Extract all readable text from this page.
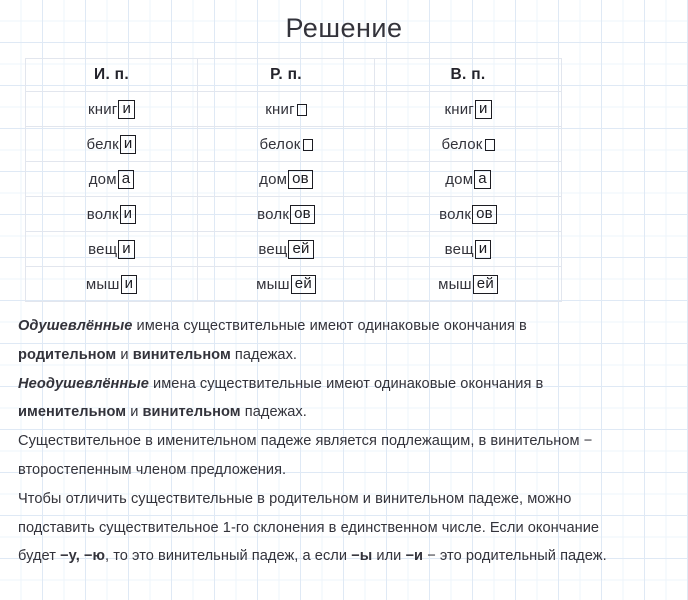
Решение
И. п.	Р. п.	В. п.

книг и	книг	книг и

белк и	белок	белок

дом а	дом ов	дом а

волк и	волк ов	волк ов

вещ и	вещ ей	вещ и

мыш и	мыш ей	мыш ей
Одушевлённые имена существительные имеют одинаковые окончания в
родительном и винительном падежах.
Неодушевлённые имена существительные имеют одинаковые окончания в
именительном и винительном падежах.
Существительное в именительном падеже является подлежащим, в винительном −
второстепенным членом предложения.
Чтобы отличить существительные в родительном и винительном падеже, можно
подставить существительное 1-го склонения в единственном числе. Если окончание
будет −у, −ю, то это винительный падеж, а если −ы или −и − это родительный падеж.
